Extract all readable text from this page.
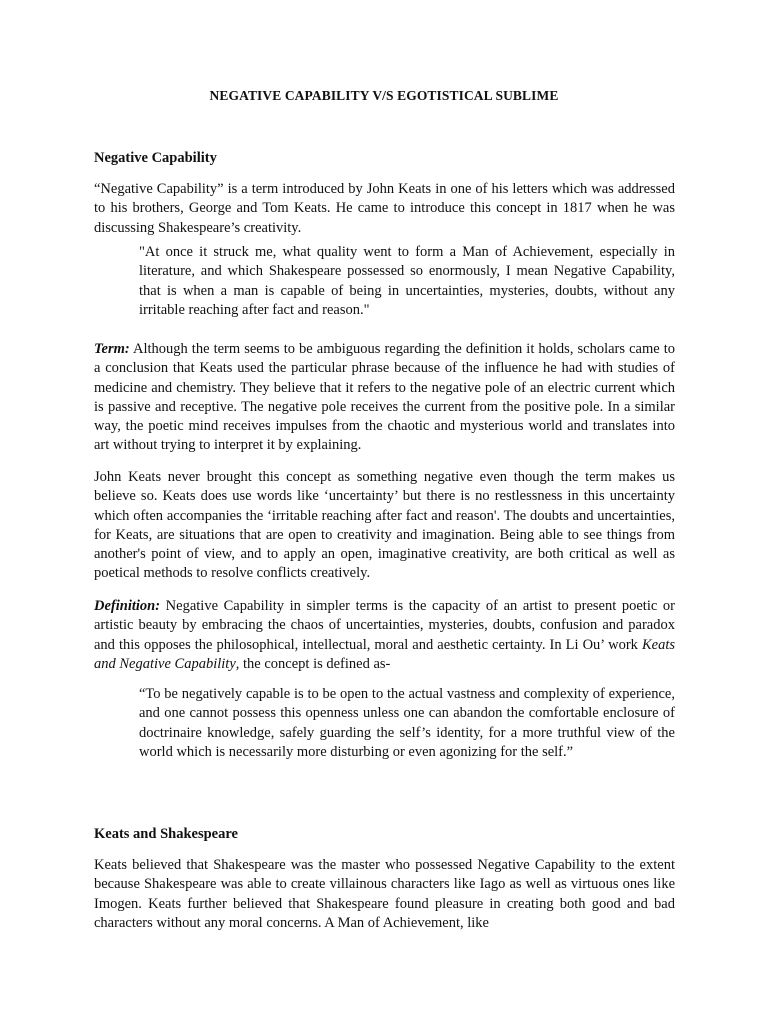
NEGATIVE CAPABILITY V/S EGOTISTICAL SUBLIME

Negative Capability

“Negative Capability” is a term introduced by John Keats in one of his letters which was addressed to his brothers, George and Tom Keats. He came to introduce this concept in 1817 when he was discussing Shakespeare’s creativity.

"At once it struck me, what quality went to form a Man of Achievement, especially in literature, and which Shakespeare possessed so enormously, I mean Negative Capability, that is when a man is capable of being in uncertainties, mysteries, doubts, without any irritable reaching after fact and reason."

Term: Although the term seems to be ambiguous regarding the definition it holds, scholars came to a conclusion that Keats used the particular phrase because of the influence he had with studies of medicine and chemistry. They believe that it refers to the negative pole of an electric current which is passive and receptive. The negative pole receives the current from the positive pole. In a similar way, the poetic mind receives impulses from the chaotic and mysterious world and translates into art without trying to interpret it by explaining.

John Keats never brought this concept as something negative even though the term makes us believe so. Keats does use words like ‘uncertainty’ but there is no restlessness in this uncertainty which often accompanies the ‘irritable reaching after fact and reason'. The doubts and uncertainties, for Keats, are situations that are open to creativity and imagination. Being able to see things from another's point of view, and to apply an open, imaginative creativity, are both critical as well as poetical methods to resolve conflicts creatively.

Definition: Negative Capability in simpler terms is the capacity of an artist to present poetic or artistic beauty by embracing the chaos of uncertainties, mysteries, doubts, confusion and paradox and this opposes the philosophical, intellectual, moral and aesthetic certainty. In Li Ou’ work Keats and Negative Capability, the concept is defined as-

“To be negatively capable is to be open to the actual vastness and complexity of experience, and one cannot possess this openness unless one can abandon the comfortable enclosure of doctrinaire knowledge, safely guarding the self’s identity, for a more truthful view of the world which is necessarily more disturbing or even agonizing for the self.”

Keats and Shakespeare

Keats believed that Shakespeare was the master who possessed Negative Capability to the extent because Shakespeare was able to create villainous characters like Iago as well as virtuous ones like Imogen. Keats further believed that Shakespeare found pleasure in creating both good and bad characters without any moral concerns. A Man of Achievement, like
